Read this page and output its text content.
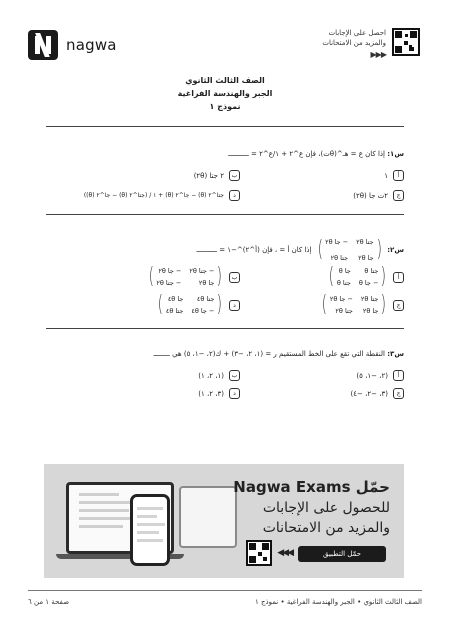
nagwa
احصل على الإجابات
والمزيد من الامتحانات
▶▶▶
الصف الثالث الثانوي
الجبر والهندسة الفراغية
نموذج ١
س١: إذا كان ع = هـ^(θت)، فإن ع^٢ + ١/ع^٢ = ــــــــــ
أ
١
ب
٢ جتا (٢θ)
ج
٢ت جا (٢θ)
د
جتا^٢ (θ) − جا^٢ (θ) + ١ / (جتا^٢ (θ) − جا^٢ (θ))
س٢:
(
جتا ٢θ
− جا ٢θ
جا ٢θ
جتا ٢θ
)
إذا كان أ = ، فإن (أ^٢)^−١ = ــــــــــ
أ
(
جتا θ
جا θ
− جا θ
جتا θ
)
ب
(
− جتا ٢θ
− جا ٢θ
جا ٢θ
− جتا ٢θ
)
ج
(
جتا ٢θ
− جا ٢θ
جا ٢θ
جتا ٢θ
)
د
(
جتا ٤θ
جا ٤θ
− جا ٤θ
جتا ٤θ
)
س٣: النقطة التي تقع على الخط المستقيم ر = (١، ٢، −٣) + ك(٢، −١، ٥) هي ــــــــ
أ
(٢، −١، ٥)
ب
(١، ٢، ١)
ج
(٣، −٢، −٤)
د
(٣، ٢، ١)
حمّل Nagwa Exams
للحصول على الإجابات
والمزيد من الامتحانات
حمّل التطبيق
◀◀◀
الصف الثالث الثانوي • الجبر والهندسة الفراغية • نموذج ١
صفحة ١ من ٦
